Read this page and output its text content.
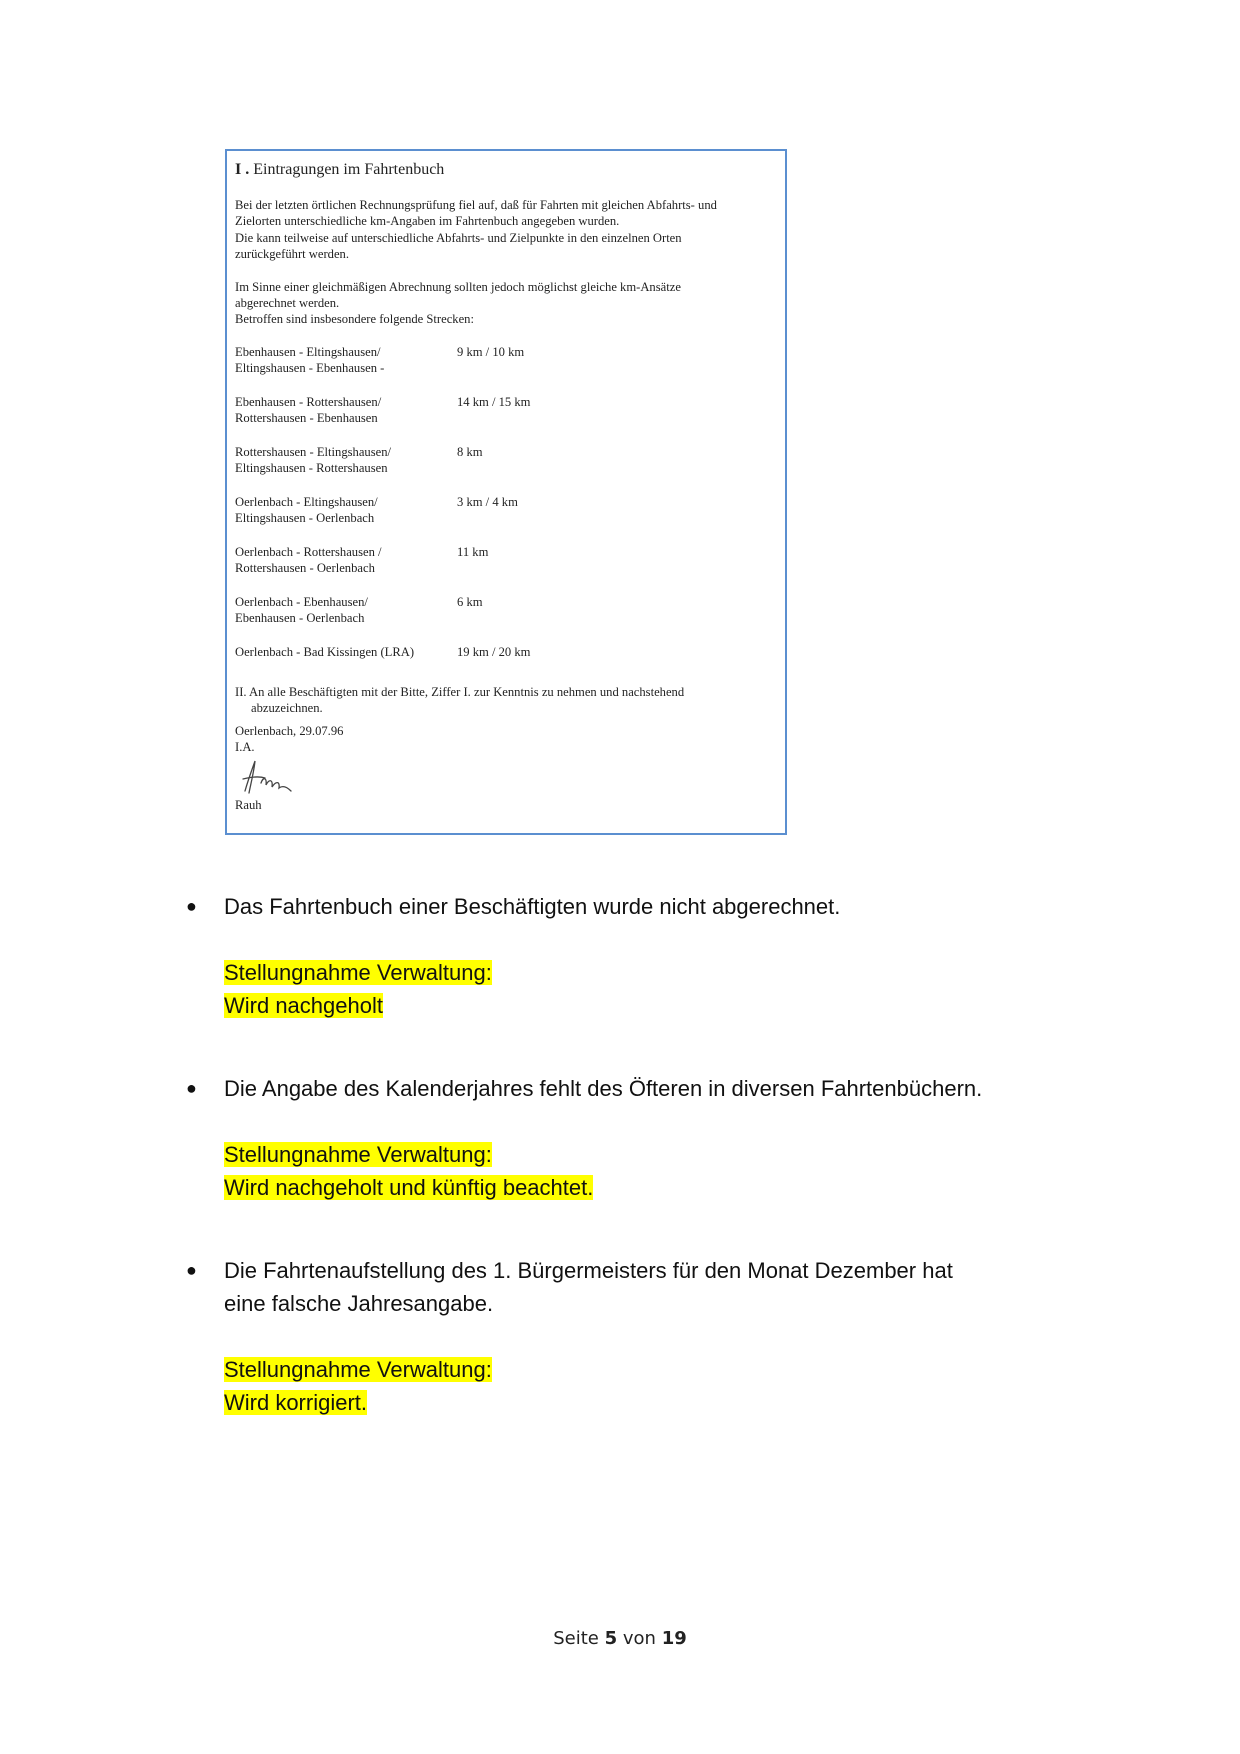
I . Eintragungen im Fahrtenbuch

Bei der letzten örtlichen Rechnungsprüfung fiel auf, daß für Fahrten mit gleichen Abfahrts- und

Zielorten unterschiedliche km-Angaben im Fahrtenbuch angegeben wurden.

Die kann teilweise auf unterschiedliche Abfahrts- und Zielpunkte in den einzelnen Orten

zurückgeführt werden.

Im Sinne einer gleichmäßigen Abrechnung sollten jedoch möglichst gleiche km-Ansätze

abgerechnet werden.

Betroffen sind insbesondere folgende Strecken:

Ebenhausen - Eltingshausen/

Eltingshausen - Ebenhausen -

9 km / 10 km

Ebenhausen - Rottershausen/

Rottershausen - Ebenhausen

14 km / 15 km

Rottershausen - Eltingshausen/

Eltingshausen - Rottershausen

8 km

Oerlenbach - Eltingshausen/

Eltingshausen - Oerlenbach

3 km / 4 km

Oerlenbach - Rottershausen /

Rottershausen - Oerlenbach

11 km

Oerlenbach - Ebenhausen/

Ebenhausen - Oerlenbach

6 km

Oerlenbach - Bad Kissingen (LRA)	19 km / 20 km

II. An alle Beschäftigten mit der Bitte, Ziffer I. zur Kenntnis zu nehmen und nachstehend

abzuzeichnen.

Oerlenbach, 29.07.96

I.A.

Rauh

● Das Fahrtenbuch einer Beschäftigten wurde nicht abgerechnet.

Stellungnahme Verwaltung:

Wird nachgeholt

● Die Angabe des Kalenderjahres fehlt des Öfteren in diversen Fahrtenbüchern.

Stellungnahme Verwaltung:

Wird nachgeholt und künftig beachtet.

● Die Fahrtenaufstellung des 1. Bürgermeisters für den Monat Dezember hat

eine falsche Jahresangabe.

Stellungnahme Verwaltung:

Wird korrigiert.

Seite 5 von 19
